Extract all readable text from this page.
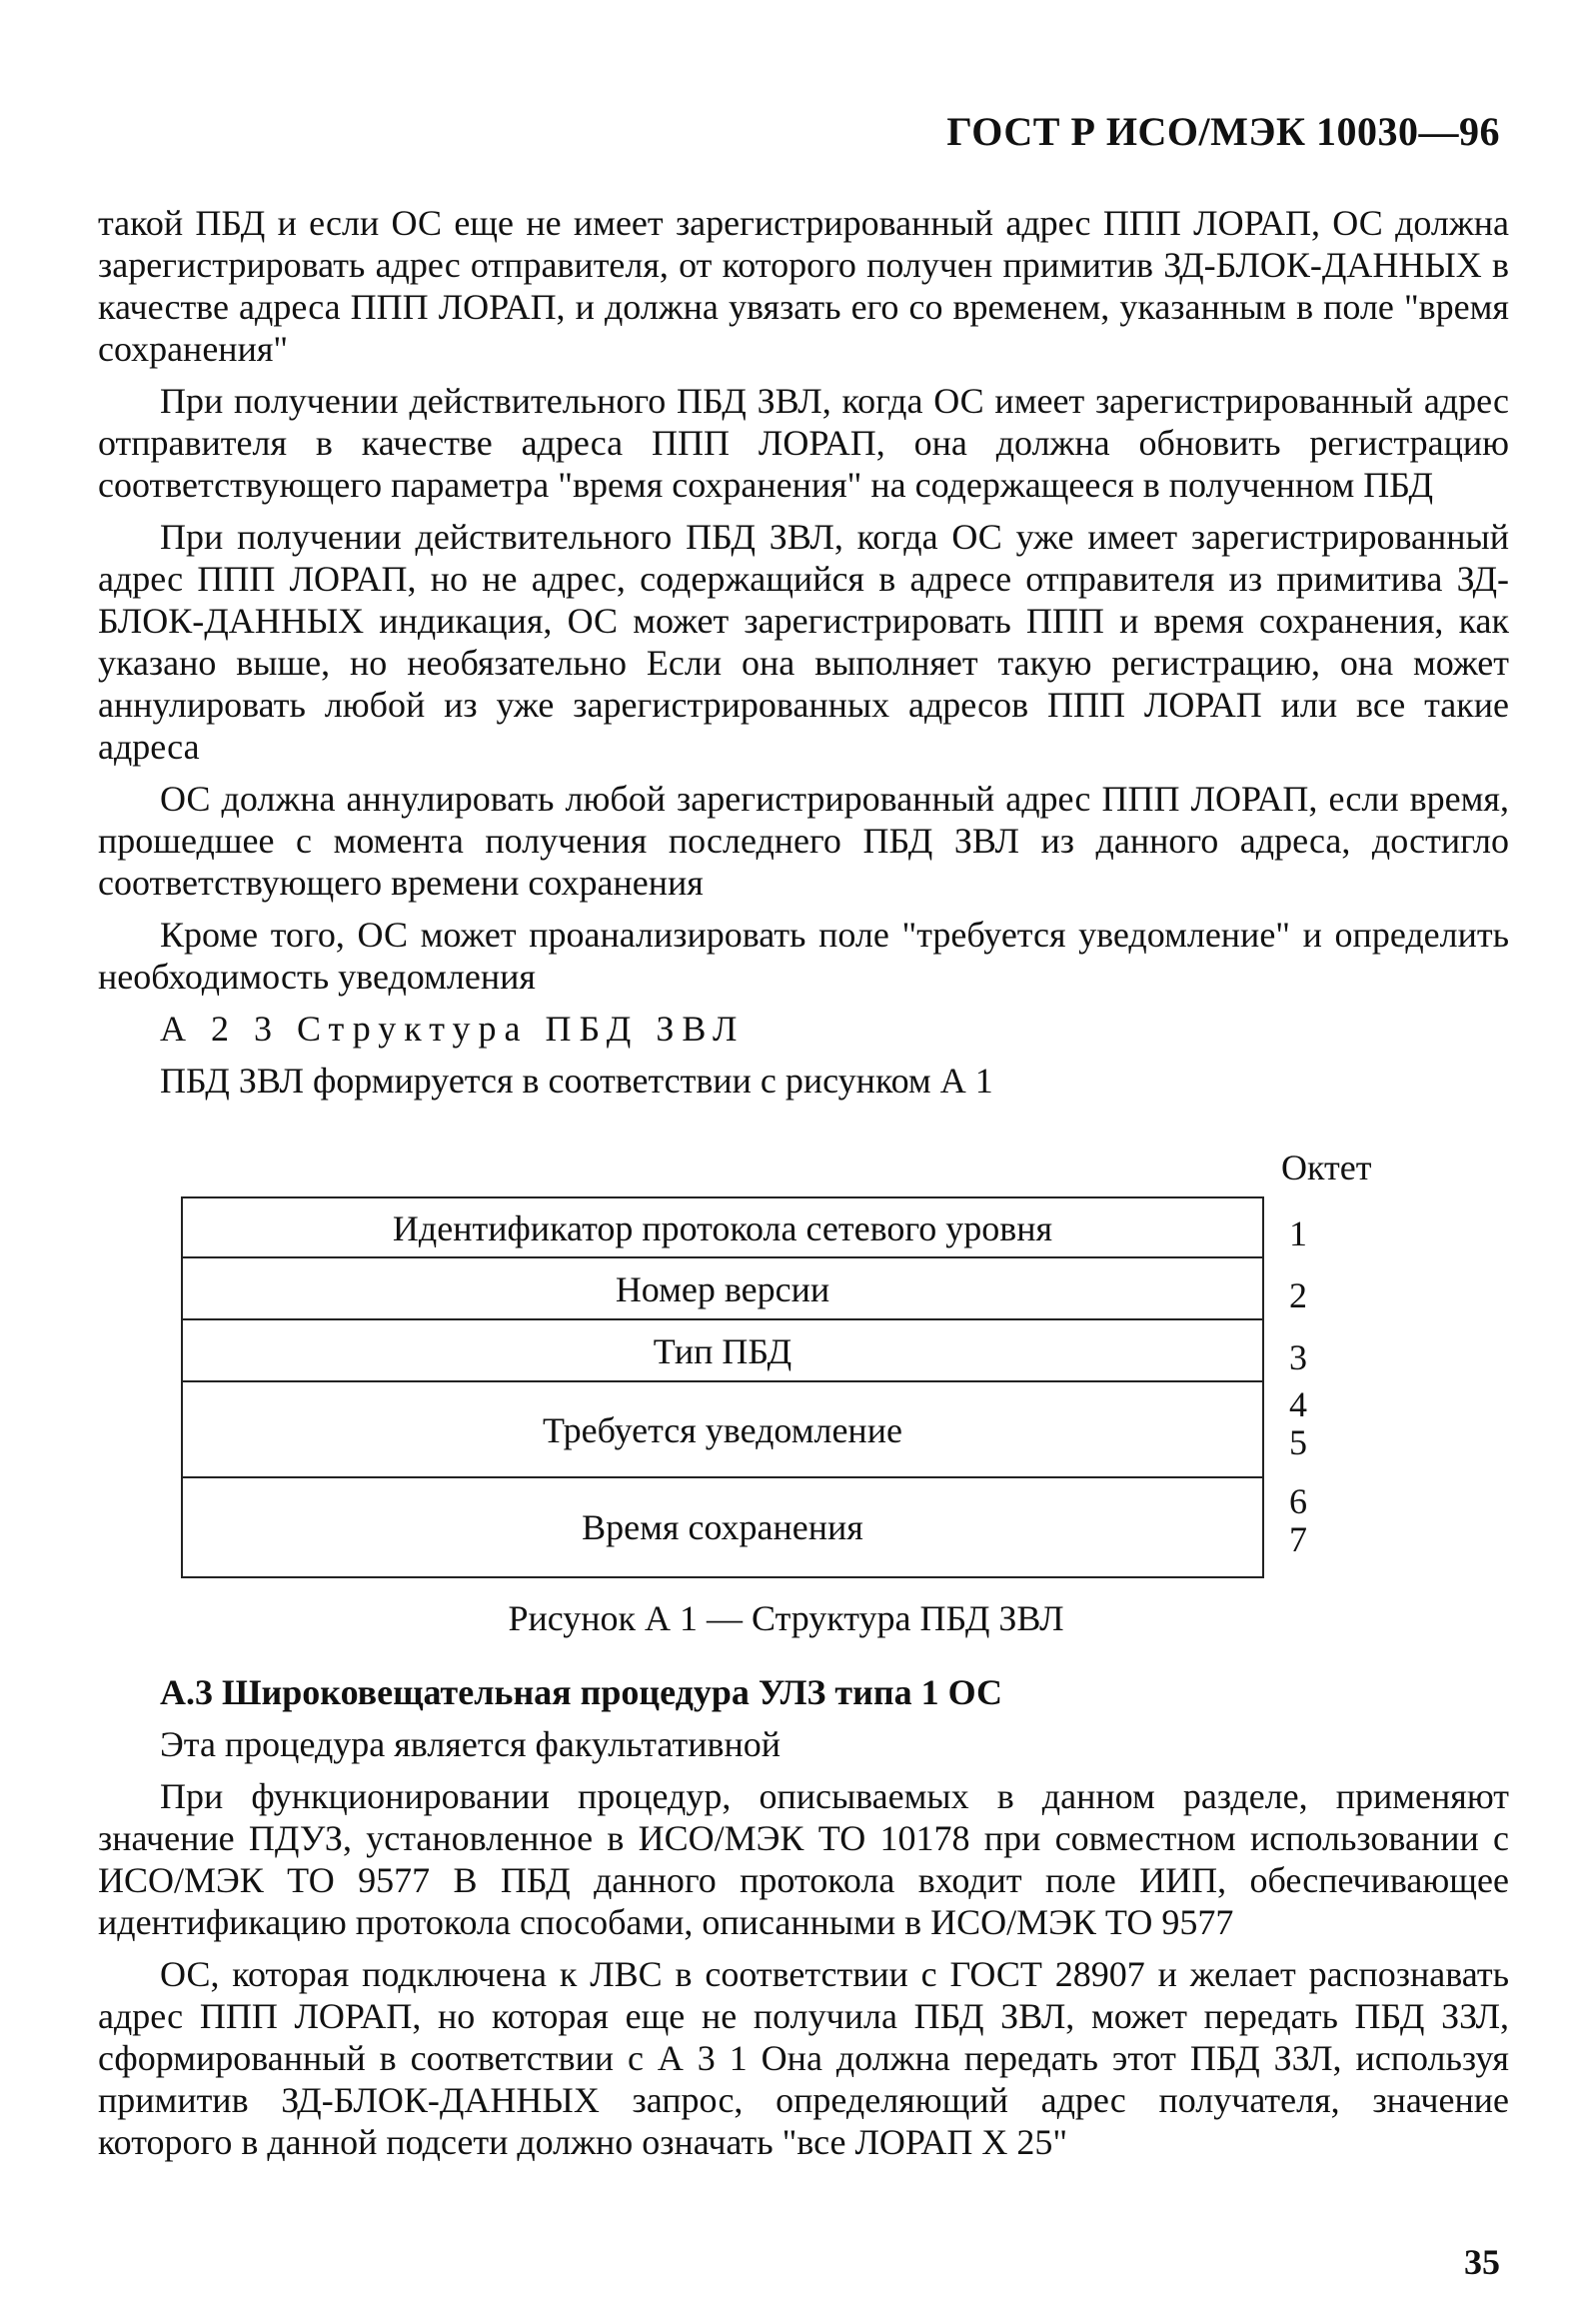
ГОСТ Р ИСО/МЭК 10030—96

такой ПБД и если ОС еще не имеет зарегистрированный адрес ППП ЛОРАП, ОС должна зарегистрировать адрес отправителя, от которого получен примитив ЗД-БЛОК-ДАННЫХ в качестве адреса ППП ЛОРАП, и должна увязать его со временем, указанным в поле "время сохранения"

При получении действительного ПБД ЗВЛ, когда ОС имеет зарегистрированный адрес отправителя в качестве адреса ППП ЛОРАП, она должна обновить регистрацию соответствующего параметра "время сохранения" на содержащееся в полученном ПБД

При получении действительного ПБД ЗВЛ, когда ОС уже имеет зарегистрированный адрес ППП ЛОРАП, но не адрес, содержащийся в адресе отправителя из примитива ЗД-БЛОК-ДАННЫХ индикация, ОС может зарегистрировать ППП и время сохранения, как указано выше, но необязательно Если она выполняет такую регистрацию, она может аннулировать любой из уже зарегистрированных адресов ППП ЛОРАП или все такие адреса

ОС должна аннулировать любой зарегистрированный адрес ППП ЛОРАП, если время, прошедшее с момента получения последнего ПБД ЗВЛ из данного адреса, достигло соответствующего времени сохранения

Кроме того, ОС может проанализировать поле "требуется уведомление" и определить необходимость уведомления

А 2 3 Структура ПБД ЗВЛ

ПБД ЗВЛ формируется в соответствии с рисунком А 1

Октет
Идентификатор протокола сетевого уровня
Номер версии
Тип ПБД
Требуется уведомление
Время сохранения
1
2
3
4
5
6
7
Рисунок А 1 — Структура ПБД ЗВЛ

А.3 Широковещательная процедура УЛЗ типа 1 ОС

Эта процедура является факультативной

При функционировании процедур, описываемых в данном разделе, применяют значение ПДУЗ, установленное в ИСО/МЭК ТО 10178 при совместном использовании с ИСО/МЭК ТО 9577 В ПБД данного протокола входит поле ИИП, обеспечивающее идентификацию протокола способами, описанными в ИСО/МЭК ТО 9577

ОС, которая подключена к ЛВС в соответствии с ГОСТ 28907 и желает распознавать адрес ППП ЛОРАП, но которая еще не получила ПБД ЗВЛ, может передать ПБД ЗЗЛ, сформированный в соответствии с А 3 1 Она должна передать этот ПБД ЗЗЛ, используя примитив ЗД-БЛОК-ДАННЫХ запрос, определяющий адрес получателя, значение которого в данной подсети должно означать "все ЛОРАП Х 25"

35
